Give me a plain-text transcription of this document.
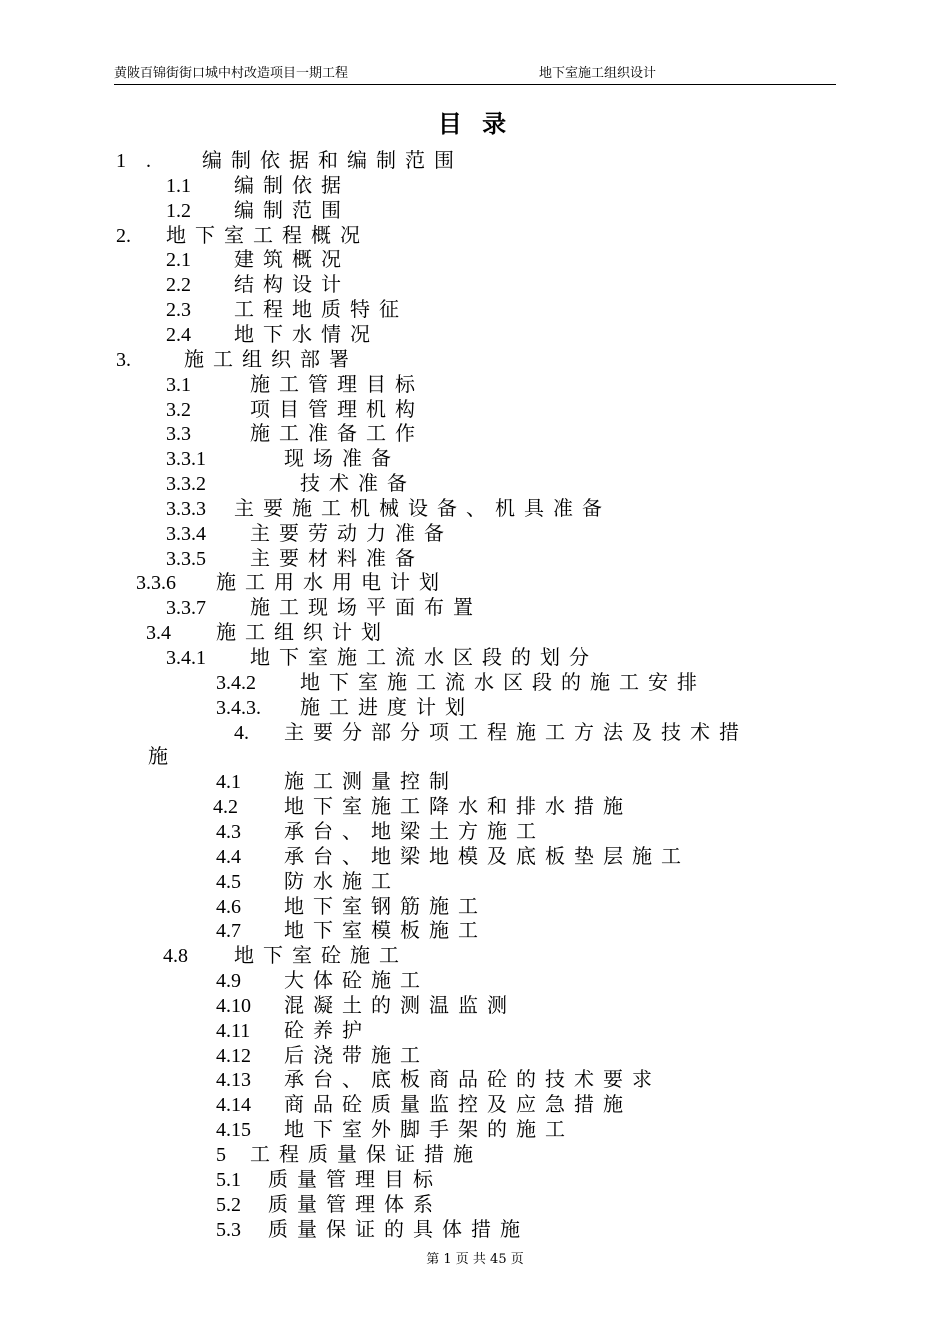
黄陂百锦街街口城中村改造项目一期工程	地下室施工组织设计
目 录
1　.	编制依据和编制范围
1.1 编制依据
1.2 编制范围
2. 地下室工程概况
2.1 建筑概况
2.2 结构设计
2.3 工程地质特征
2.4 地下水情况
3.	施工组织部署
3.1	施工管理目标
3.2	项目管理机构
3.3	施工准备工作
3.3.1	现场准备
3.3.2	技术准备
3.3.3 主要施工机械设备、机具准备
3.3.4 主要劳动力准备
3.3.5 主要材料准备
3.3.6 施工用水用电计划
3.3.7 施工现场平面布置
3.4 施工组织计划
3.4.1 地下室施工流水区段的划分
3.4.2 地下室施工流水区段的施工安排
3.4.3. 施工进度计划
4. 主要分部分项工程施工方法及技术措
施
4.1 施工测量控制
4.2 地下室施工降水和排水措施
4.3 承台、地梁土方施工
4.4 承台、地梁地模及底板垫层施工
4.5 防水施工
4.6 地下室钢筋施工
4.7 地下室模板施工
4.8 地下室砼施工
4.9 大体砼施工
4.10 混凝土的测温监测
4.11 砼养护
4.12 后浇带施工
4.13 承台、底板商品砼的技术要求
4.14 商品砼质量监控及应急措施
4.15 地下室外脚手架的施工
5 工程质量保证措施
5.1 质量管理目标
5.2 质量管理体系
5.3 质量保证的具体措施
第 1 页 共 45 页
